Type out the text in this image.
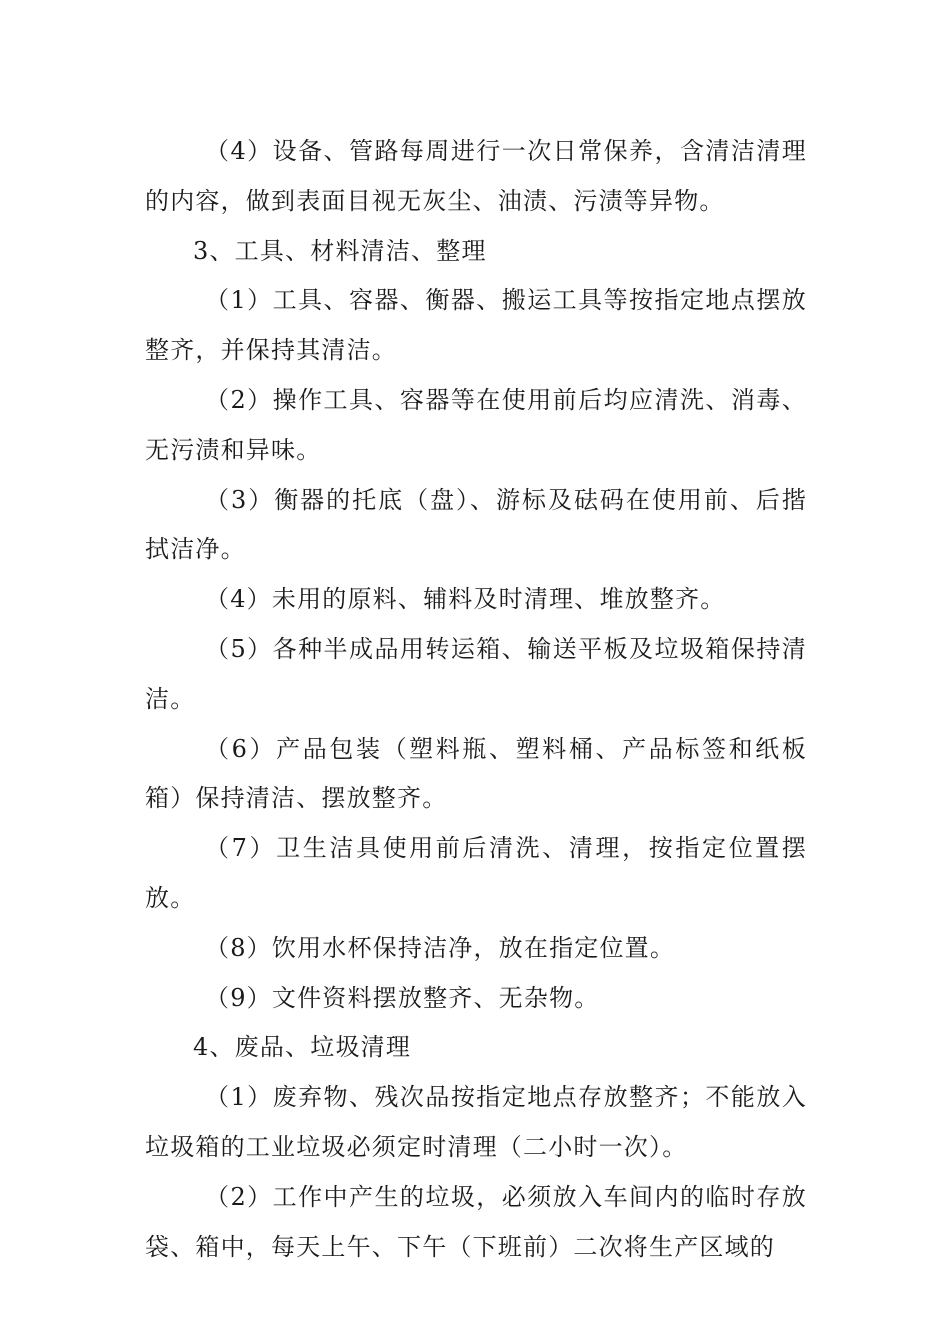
（4）设备、管路每周进行一次日常保养，含清洁清理的内容，做到表面目视无灰尘、油渍、污渍等异物。

3、工具、材料清洁、整理

（1）工具、容器、衡器、搬运工具等按指定地点摆放整齐，并保持其清洁。

（2）操作工具、容器等在使用前后均应清洗、消毒、无污渍和异味。

（3）衡器的托底（盘）、游标及砝码在使用前、后揩拭洁净。

（4）未用的原料、辅料及时清理、堆放整齐。

（5）各种半成品用转运箱、输送平板及垃圾箱保持清洁。

（6）产品包装（塑料瓶、塑料桶、产品标签和纸板箱）保持清洁、摆放整齐。

（7）卫生洁具使用前后清洗、清理，按指定位置摆放。

（8）饮用水杯保持洁净，放在指定位置。

（9）文件资料摆放整齐、无杂物。

4、废品、垃圾清理

（1）废弃物、残次品按指定地点存放整齐；不能放入垃圾箱的工业垃圾必须定时清理（二小时一次）。

（2）工作中产生的垃圾，必须放入车间内的临时存放袋、箱中，每天上午、下午（下班前）二次将生产区域的
